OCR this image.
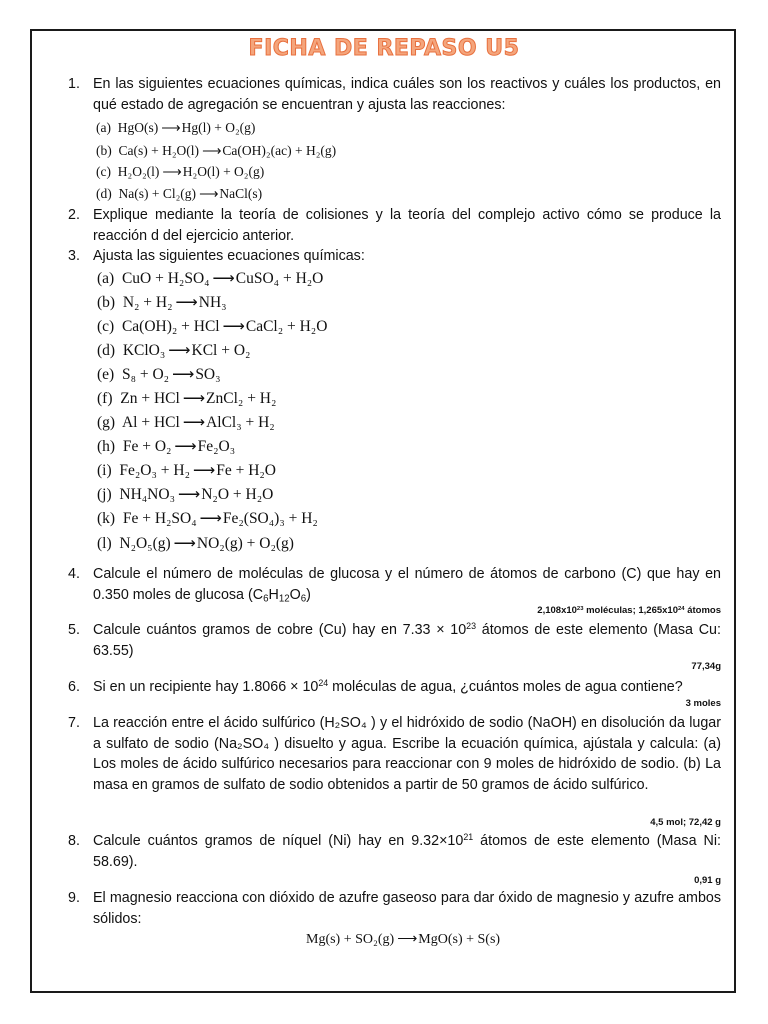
FICHA DE REPASO U5
1. En las siguientes ecuaciones químicas, indica cuáles son los reactivos y cuáles los productos, en qué estado de agregación se encuentran y ajusta las reacciones:
(a) HgO(s) ⟶ Hg(l) + O₂(g)
(b) Ca(s) + H₂O(l) ⟶ Ca(OH)₂(ac) + H₂(g)
(c) H₂O₂(l) ⟶ H₂O(l) + O₂(g)
(d) Na(s) + Cl₂(g) ⟶ NaCl(s)
2. Explique mediante la teoría de colisiones y la teoría del complejo activo cómo se produce la reacción d del ejercicio anterior.
3. Ajusta las siguientes ecuaciones químicas:
(a) CuO + H₂SO₄ ⟶ CuSO₄ + H₂O
(b) N₂ + H₂ ⟶ NH₃
(c) Ca(OH)₂ + HCl ⟶ CaCl₂ + H₂O
(d) KClO₃ ⟶ KCl + O₂
(e) S₈ + O₂ ⟶ SO₃
(f) Zn + HCl ⟶ ZnCl₂ + H₂
(g) Al + HCl ⟶ AlCl₃ + H₂
(h) Fe + O₂ ⟶ Fe₂O₃
(i) Fe₂O₃ + H₂ ⟶ Fe + H₂O
(j) NH₄NO₃ ⟶ N₂O + H₂O
(k) Fe + H₂SO₄ ⟶ Fe₂(SO₄)₃ + H₂
(l) N₂O₅(g) ⟶ NO₂(g) + O₂(g)
4. Calcule el número de moléculas de glucosa y el número de átomos de carbono (C) que hay en 0.350 moles de glucosa $(C_6H_{12}O_6)$
$2,108x10^{23}$ moléculas; $1,265x10^{24}$ átomos
5. Calcule cuántos gramos de cobre (Cu) hay en $7.33 \times 10^{23}$ átomos de este elemento (Masa Cu: 63.55)
77,34g
6. Si en un recipiente hay $1.8066 \times 10^{24}$ moléculas de agua, ¿cuántos moles de agua contiene?
3 moles
7. La reacción entre el ácido sulfúrico (H₂SO₄ ) y el hidróxido de sodio (NaOH) en disolución da lugar a sulfato de sodio (Na₂SO₄ ) disuelto y agua. Escribe la ecuación química, ajústala y calcula: (a) Los moles de ácido sulfúrico necesarios para reaccionar con 9 moles de hidróxido de sodio. (b) La masa en gramos de sulfato de sodio obtenidos a partir de 50 gramos de ácido sulfúrico.
4,5 mol; 72,42 g
8. Calcule cuántos gramos de níquel (Ni) hay en $9.32\times 10^{21}$ átomos de este elemento (Masa Ni: 58.69).
0,91 g
9. El magnesio reacciona con dióxido de azufre gaseoso para dar óxido de magnesio y azufre ambos sólidos:
Mg(s) + SO₂(g) ⟶ MgO(s) + S(s)
